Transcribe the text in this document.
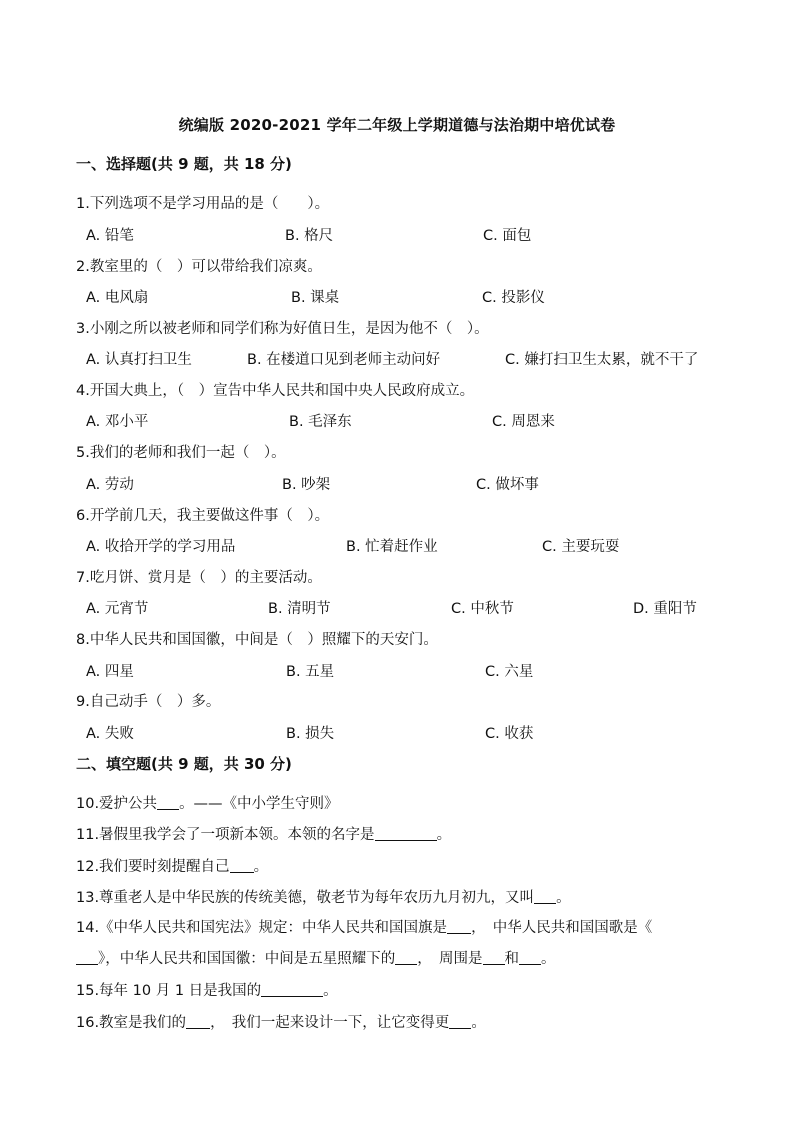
统编版 2020-2021 学年二年级上学期道德与法治期中培优试卷
一、选择题(共 9 题，共 18 分)
1.下列选项不是学习用品的是（　　）。
A. 铅笔	B. 格尺	C. 面包
2.教室里的（　）可以带给我们凉爽。
A. 电风扇	B. 课桌	C. 投影仪
3.小刚之所以被老师和同学们称为好值日生，是因为他不（　）。
A. 认真打扫卫生	B. 在楼道口见到老师主动问好	C. 嫌打扫卫生太累，就不干了
4.开国大典上，（　）宣告中华人民共和国中央人民政府成立。
A. 邓小平	B. 毛泽东	C. 周恩来
5.我们的老师和我们一起（　）。
A. 劳动	B. 吵架	C. 做坏事
6.开学前几天，我主要做这件事（　）。
A. 收拾开学的学习用品	B. 忙着赶作业	C. 主要玩耍
7.吃月饼、赏月是（　）的主要活动。
A. 元宵节	B. 清明节	C. 中秋节	D. 重阳节
8.中华人民共和国国徽，中间是（　）照耀下的天安门。
A. 四星	B. 五星	C. 六星
9.自己动手（　）多。
A. 失败	B. 损失	C. 收获
二、填空题(共 9 题，共 30 分)
10.爱护公共 。——《中小学生守则》
11.暑假里我学会了一项新本领。本领的名字是	。
12.我们要时刻提醒自己 。
13.尊重老人是中华民族的传统美德，敬老节为每年农历九月初九，又叫 。
14.《中华人民共和国宪法》规定：中华人民共和国国旗是 ，　中华人民共和国国歌是《
》，中华人民共和国国徽：中间是五星照耀下的 ，　周围是 和 。
15.每年 10 月 1 日是我国的	。
16.教室是我们的 ，　我们一起来设计一下，让它变得更 。
